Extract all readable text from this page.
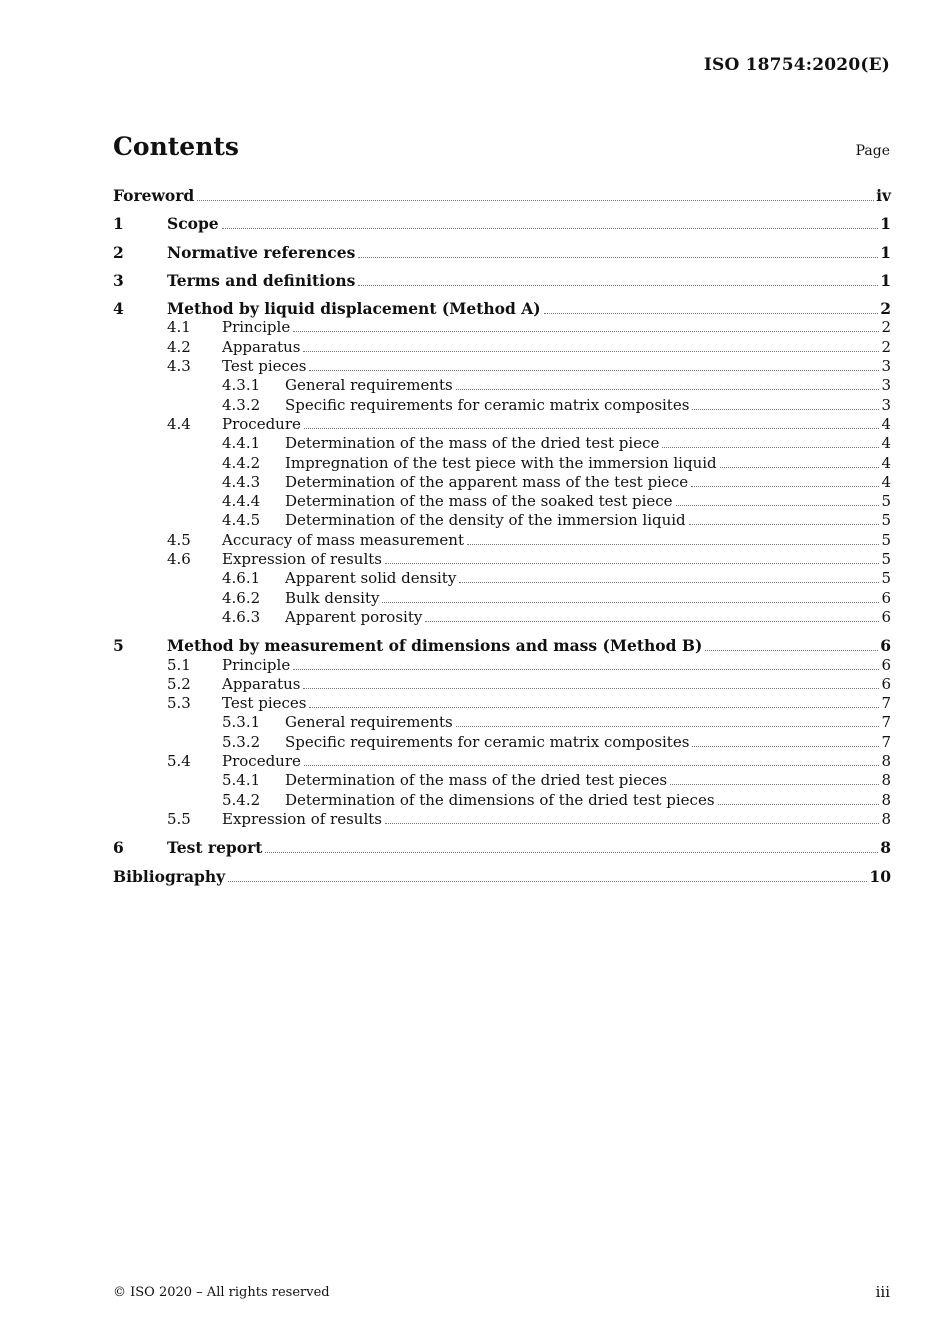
ISO 18754:2020(E)
Contents	Page
Foreword	iv
1	Scope	1
2	Normative references	1
3	Terms and definitions	1
4	Method by liquid displacement (Method A)	2
4.1 Principle	2
4.2 Apparatus	2
4.3 Test pieces	3
4.3.1 General requirements	3
4.3.2 Specific requirements for ceramic matrix composites	3
4.4 Procedure	4
4.4.1 Determination of the mass of the dried test piece	4
4.4.2 Impregnation of the test piece with the immersion liquid	4
4.4.3 Determination of the apparent mass of the test piece	4
4.4.4 Determination of the mass of the soaked test piece	5
4.4.5 Determination of the density of the immersion liquid	5
4.5 Accuracy of mass measurement	5
4.6 Expression of results	5
4.6.1 Apparent solid density	5
4.6.2 Bulk density	6
4.6.3 Apparent porosity	6
5	Method by measurement of dimensions and mass (Method B)	6
5.1 Principle	6
5.2 Apparatus	6
5.3 Test pieces	7
5.3.1 General requirements	7
5.3.2 Specific requirements for ceramic matrix composites	7
5.4 Procedure	8
5.4.1 Determination of the mass of the dried test pieces	8
5.4.2 Determination of the dimensions of the dried test pieces	8
5.5 Expression of results	8
6	Test report	8
Bibliography	10
© ISO 2020 – All rights reserved	iii
